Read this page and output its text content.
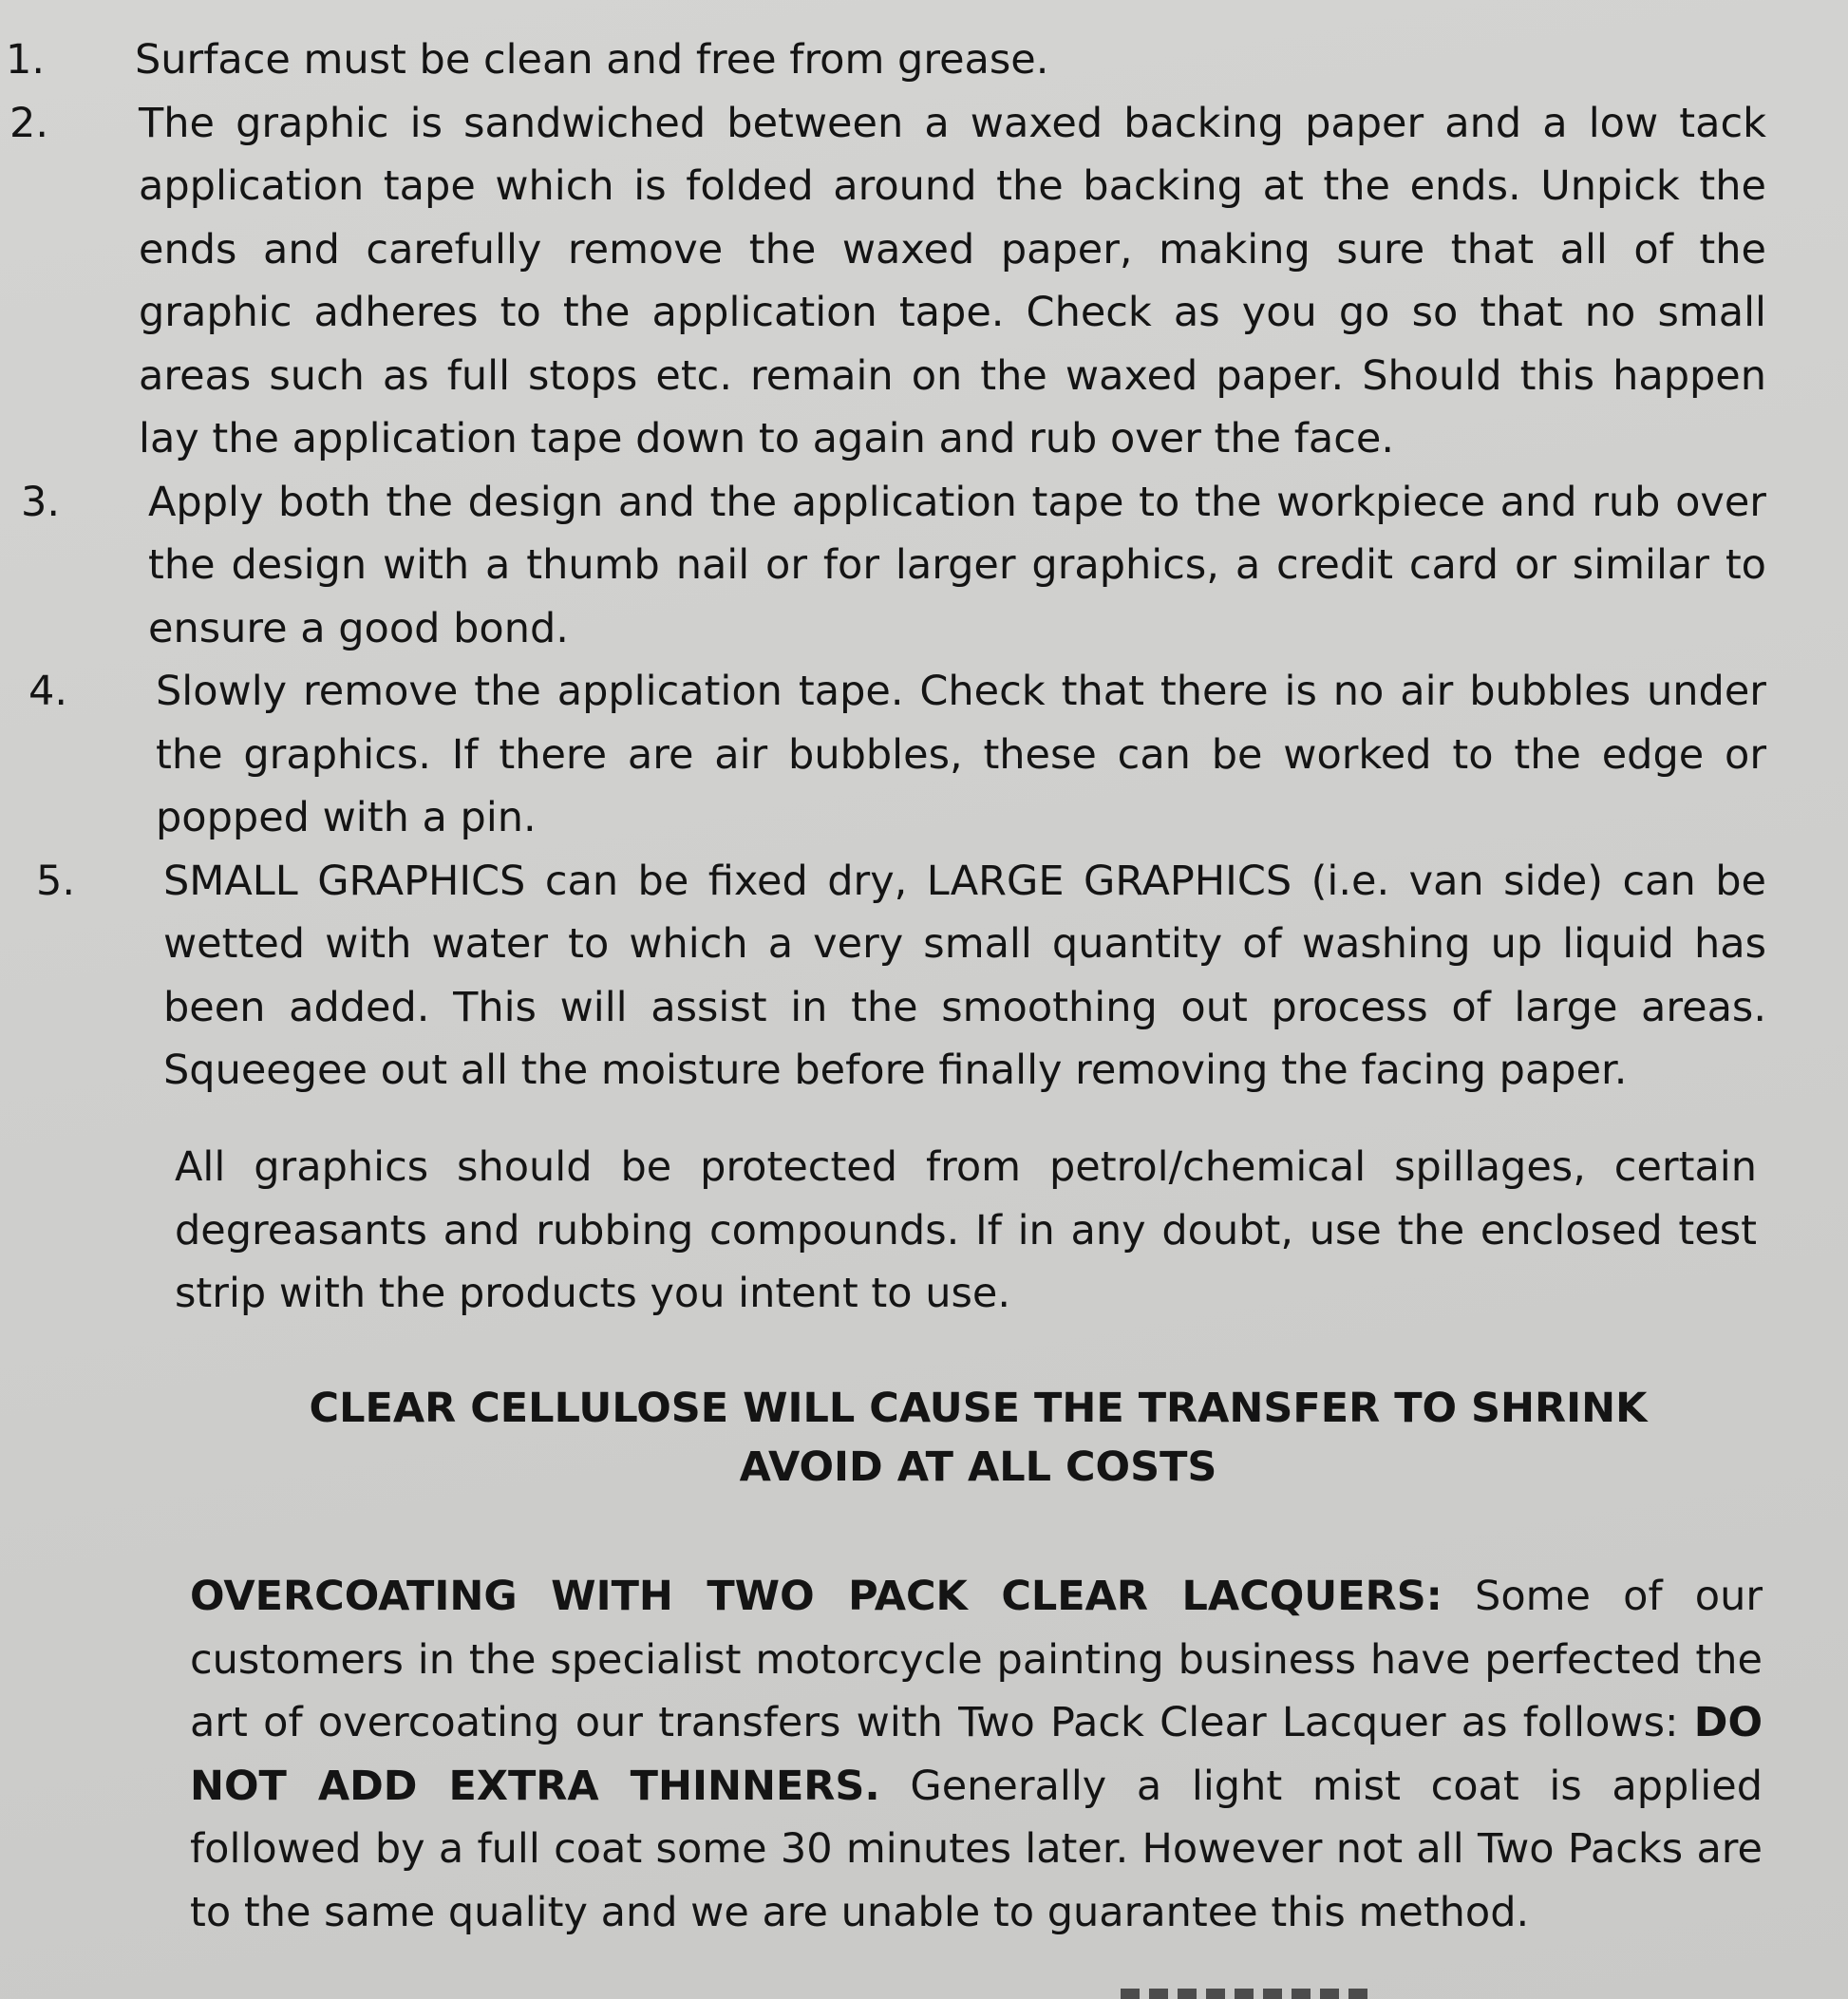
1.	Surface must be clean and free from grease.
2.	The graphic is sandwiched between a waxed backing paper and a low tack application tape which is folded around the backing at the ends. Unpick the ends and carefully remove the waxed paper, making sure that all of the graphic adheres to the application tape. Check as you go so that no small areas such as full stops etc. remain on the waxed paper. Should this happen lay the application tape down to again and rub over the face.
3.	Apply both the design and the application tape to the workpiece and rub over the design with a thumb nail or for larger graphics, a credit card or similar to ensure a good bond.
4.	Slowly remove the application tape. Check that there is no air bubbles under the graphics. If there are air bubbles, these can be worked to the edge or popped with a pin.
5.	SMALL GRAPHICS can be fixed dry, LARGE GRAPHICS (i.e. van side) can be wetted with water to which a very small quantity of washing up liquid has been added. This will assist in the smoothing out process of large areas. Squeegee out all the moisture before finally removing the facing paper.

All graphics should be protected from petrol/chemical spillages, certain degreasants and rubbing compounds. If in any doubt, use the enclosed test strip with the products you intent to use.

CLEAR CELLULOSE WILL CAUSE THE TRANSFER TO SHRINK
AVOID AT ALL COSTS

OVERCOATING WITH TWO PACK CLEAR LACQUERS: Some of our customers in the specialist motorcycle painting business have perfected the art of overcoating our transfers with Two Pack Clear Lacquer as follows: DO NOT ADD EXTRA THINNERS. Generally a light mist coat is applied followed by a full coat some 30 minutes later. However not all Two Packs are to the same quality and we are unable to guarantee this method.
